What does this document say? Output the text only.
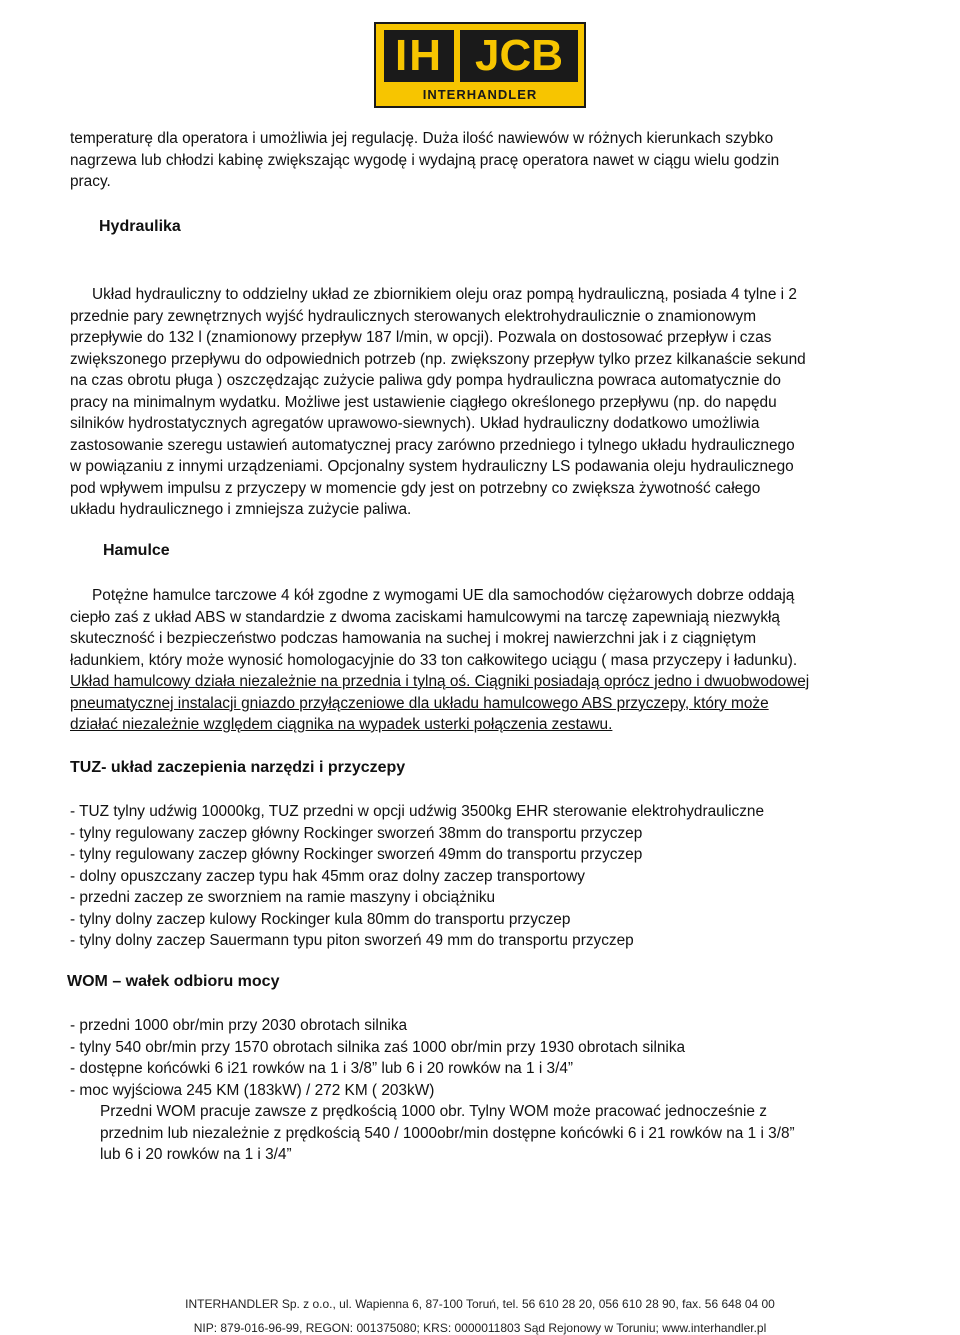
IH JCB
INTERHANDLER
temperaturę dla operatora i umożliwia jej regulację. Duża ilość nawiewów w różnych kierunkach szybko
nagrzewa lub chłodzi kabinę zwiększając wygodę i wydajną pracę operatora nawet w ciągu wielu godzin
pracy.
Hydraulika
Układ hydrauliczny to oddzielny układ ze zbiornikiem oleju oraz pompą hydrauliczną, posiada 4 tylne i 2
przednie pary zewnętrznych wyjść hydraulicznych sterowanych elektrohydraulicznie o znamionowym
przepływie do 132 l (znamionowy przepływ 187 l/min, w opcji). Pozwala on dostosować przepływ i czas
zwiększonego przepływu do odpowiednich potrzeb (np. zwiększony przepływ tylko przez kilkanaście sekund
na czas obrotu pługa ) oszczędzając zużycie paliwa gdy pompa hydrauliczna powraca automatycznie do
pracy na minimalnym wydatku. Możliwe jest ustawienie ciągłego określonego przepływu (np. do napędu
silników hydrostatycznych agregatów uprawowo-siewnych). Układ hydrauliczny dodatkowo umożliwia
zastosowanie szeregu ustawień automatycznej pracy zarówno przedniego i tylnego układu hydraulicznego
w powiązaniu z innymi urządzeniami. Opcjonalny system hydrauliczny LS podawania oleju hydraulicznego
pod wpływem impulsu z przyczepy w momencie gdy jest on potrzebny co zwiększa żywotność całego
układu hydraulicznego i zmniejsza zużycie paliwa.
Hamulce
Potężne hamulce tarczowe 4 kół zgodne z wymogami UE dla samochodów ciężarowych dobrze oddają
ciepło zaś z układ ABS w standardzie z dwoma zaciskami hamulcowymi na tarczę zapewniają niezwykłą
skuteczność i bezpieczeństwo podczas hamowania na suchej i mokrej nawierzchni jak i z ciągniętym
ładunkiem, który może wynosić homologacyjnie do 33 ton całkowitego uciągu ( masa przyczepy i ładunku).
Układ hamulcowy działa niezależnie na przednia i tylną oś. Ciągniki posiadają oprócz jedno i dwuobwodowej
pneumatycznej instalacji gniazdo przyłączeniowe dla układu hamulcowego ABS przyczepy, który może
działać niezależnie względem ciągnika na wypadek usterki połączenia zestawu.
TUZ- układ zaczepienia narzędzi i przyczepy
- TUZ tylny udźwig 10000kg, TUZ przedni w opcji udźwig 3500kg EHR sterowanie elektrohydrauliczne
- tylny regulowany zaczep główny Rockinger sworzeń 38mm do transportu przyczep
- tylny regulowany zaczep główny Rockinger sworzeń 49mm do transportu przyczep
- dolny opuszczany zaczep typu hak 45mm oraz dolny zaczep transportowy
- przedni zaczep ze sworzniem na ramie maszyny i obciążniku
- tylny dolny zaczep kulowy Rockinger kula 80mm do transportu przyczep
- tylny dolny zaczep Sauermann typu piton sworzeń 49 mm do transportu przyczep
WOM – wałek odbioru mocy
- przedni 1000 obr/min przy 2030 obrotach silnika
- tylny 540 obr/min przy 1570 obrotach silnika zaś 1000 obr/min przy 1930 obrotach silnika
- dostępne końcówki 6 i21 rowków na 1 i 3/8” lub 6 i 20 rowków na 1 i 3/4”
- moc wyjściowa 245 KM (183kW) / 272 KM ( 203kW)
Przedni WOM pracuje zawsze z prędkością 1000 obr. Tylny WOM może pracować jednocześnie z
przednim lub niezależnie z prędkością 540 / 1000obr/min dostępne końcówki 6 i 21 rowków na 1 i 3/8”
lub 6 i 20 rowków na 1 i 3/4”
INTERHANDLER Sp. z o.o., ul. Wapienna 6, 87-100 Toruń, tel. 56 610 28 20, 056 610 28 90, fax. 56 648 04 00
NIP: 879-016-96-99, REGON: 001375080; KRS: 0000011803 Sąd Rejonowy w Toruniu; www.interhandler.pl
